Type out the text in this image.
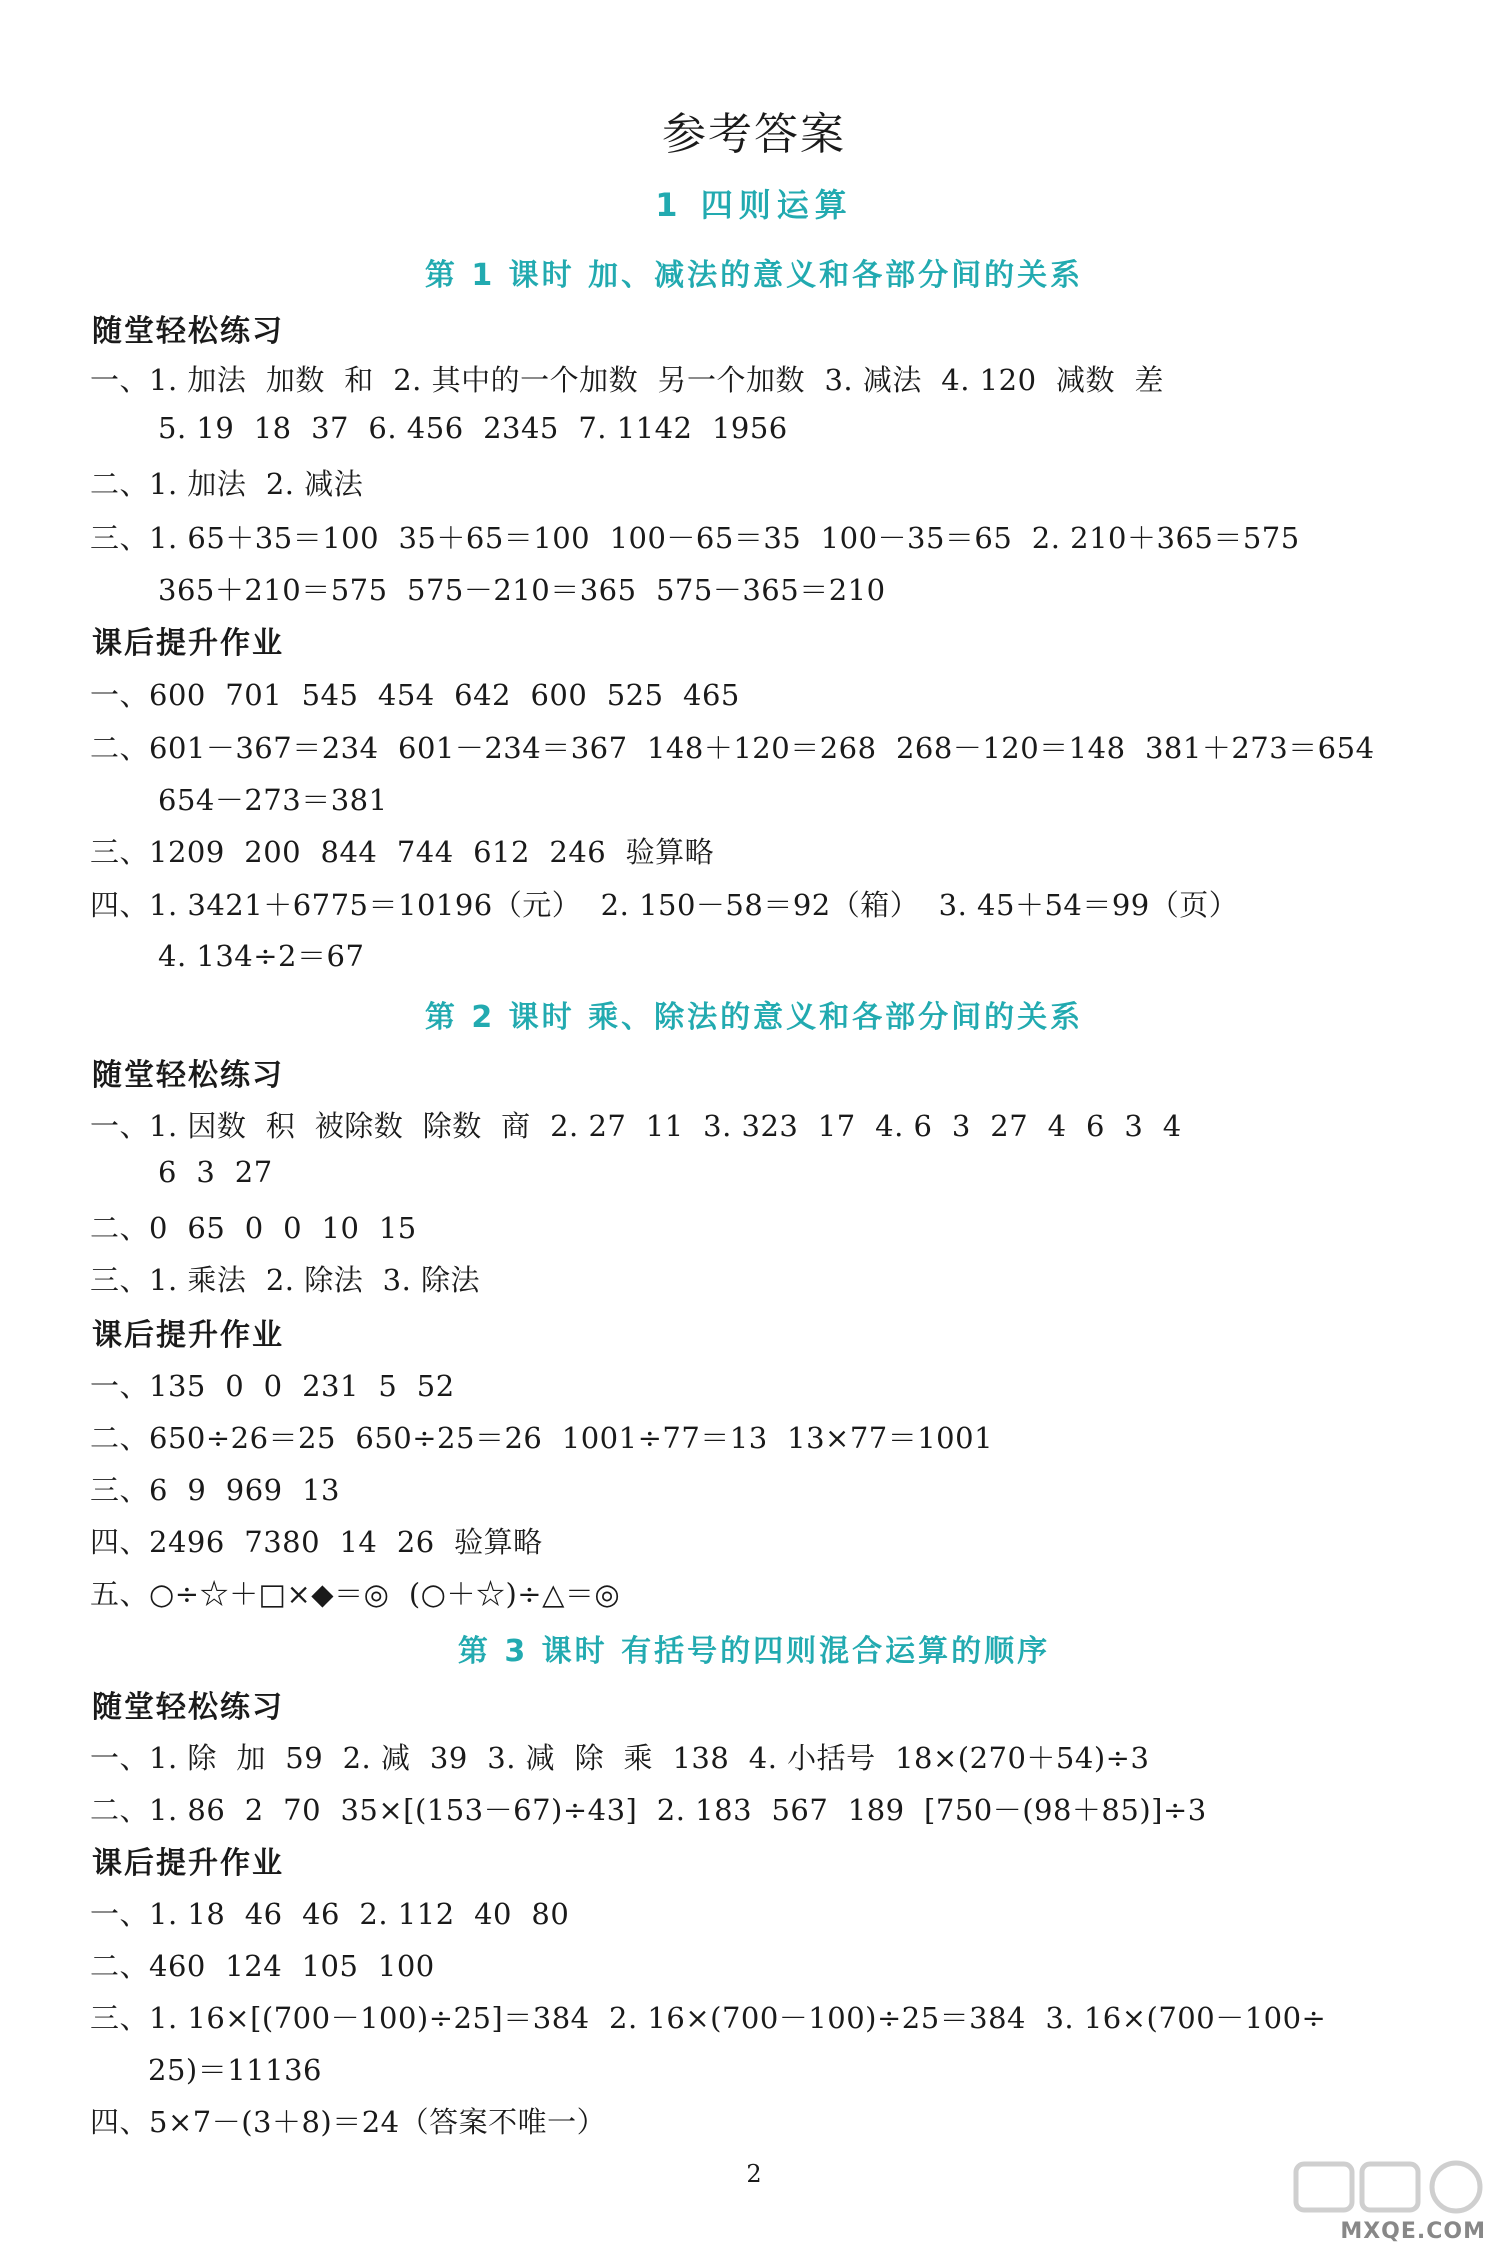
参考答案
1 四则运算
第 1 课时 加、减法的意义和各部分间的关系
随堂轻松练习
一、1. 加法  加数  和  2. 其中的一个加数  另一个加数  3. 减法  4. 120  减数  差
5. 19  18  37  6. 456  2345  7. 1142  1956
二、1. 加法  2. 减法
三、1. 65＋35＝100  35＋65＝100  100－65＝35  100－35＝65  2. 210＋365＝575
365＋210＝575  575－210＝365  575－365＝210
课后提升作业
一、600  701  545  454  642  600  525  465
二、601－367＝234  601－234＝367  148＋120＝268  268－120＝148  381＋273＝654
654－273＝381
三、1209  200  844  744  612  246  验算略
四、1. 3421＋6775＝10196（元）  2. 150－58＝92（箱）  3. 45＋54＝99（页）
4. 134÷2＝67
第 2 课时 乘、除法的意义和各部分间的关系
随堂轻松练习
一、1. 因数  积  被除数  除数  商  2. 27  11  3. 323  17  4. 6  3  27  4  6  3  4
6  3  27
二、0  65  0  0  10  15
三、1. 乘法  2. 除法  3. 除法
课后提升作业
一、135  0  0  231  5  52
二、650÷26＝25  650÷25＝26  1001÷77＝13  13×77＝1001
三、6  9  969  13
四、2496  7380  14  26  验算略
五、○÷☆＋□×◆＝◎  (○＋☆)÷△＝◎
第 3 课时 有括号的四则混合运算的顺序
随堂轻松练习
一、1. 除  加  59  2. 减  39  3. 减  除  乘  138  4. 小括号  18×(270＋54)÷3
二、1. 86  2  70  35×[(153－67)÷43]  2. 183  567  189  [750－(98＋85)]÷3
课后提升作业
一、1. 18  46  46  2. 112  40  80
二、460  124  105  100
三、1. 16×[(700－100)÷25]＝384  2. 16×(700－100)÷25＝384  3. 16×(700－100÷
25)＝11136
四、5×7－(3＋8)＝24（答案不唯一）
2
MXQE.COM
